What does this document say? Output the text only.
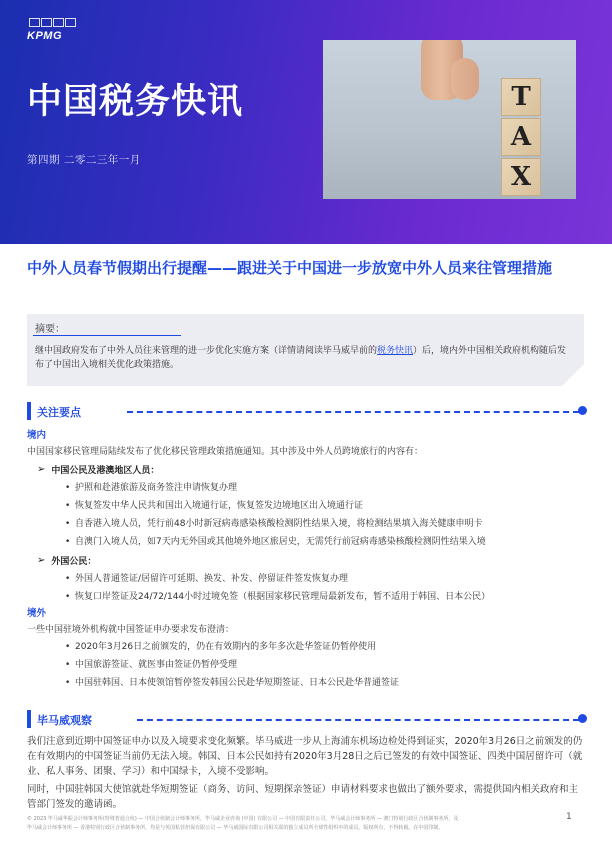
KPMG
中国税务快讯
第四期 二零二三年一月
T
A
X
中外人员春节假期出行提醒——跟进关于中国进一步放宽中外人员来往管理措施
摘要：
继中国政府发布了中外人员往来管理的进一步优化实施方案（详情请阅读毕马威早前的税务快讯）后，境内外中国相关政府机构随后发布了中国出入境相关优化政策措施。
关注要点
境内
中国国家移民管理局陆续发布了优化移民管理政策措施通知。其中涉及中外人员跨境旅行的内容有：
➢ 中国公民及港澳地区人员：
• 护照和赴港旅游及商务签注申请恢复办理
• 恢复签发中华人民共和国出入境通行证，恢复签发边境地区出入境通行证
• 自香港入境人员，凭行前48小时新冠病毒感染核酸检测阴性结果入境，将检测结果填入海关健康申明卡
• 自澳门入境人员，如7天内无外国或其他境外地区旅居史，无需凭行前冠病毒感染核酸检测阴性结果入境
➢ 外国公民：
• 外国人普通签证/居留许可延期、换发、补发、停留证件签发恢复办理
• 恢复口岸签证及24/72/144小时过境免签（根据国家移民管理局最新发布，暂不适用于韩国、日本公民）
境外
一些中国驻境外机构就中国签证申办要求发布澄清：
• 2020年3月26日之前颁发的，仍在有效期内的多年多次赴华签证仍暂停使用
• 中国旅游签证、就医事由签证仍暂停受理
• 中国驻韩国、日本使领馆暂停签发韩国公民赴华短期签证、日本公民赴华普通签证
毕马威观察

我们注意到近期中国签证申办以及入境要求变化频繁。毕马威进一步从上海浦东机场边检处得到证实，2020年3月26日之前颁发的仍在有效期内的中国签证当前仍无法入境。韩国、日本公民如持有2020年3月28日之后已签发的有效中国签证、四类中国居留许可（就业、私人事务、团聚、学习）和中国绿卡，入境不受影响。

同时，中国驻韩国大使馆就赴华短期签证（商务、访问、短期探亲签证）申请材料要求也做出了额外要求，需提供国内相关政府和主管部门签发的邀请函。

© 2023 毕马威华振会计师事务所(特殊普通合伙) — 中国合伙制会计师事务所，毕马威企业咨询 (中国) 有限公司 — 中国有限责任公司，毕马威会计师事务所 — 澳门特别行政区合伙制事务所，及
毕马威会计师事务所 — 香港特别行政区合伙制事务所，均是与英国私营担保有限公司 — 毕马威国际有限公司相关联的独立成员所全球性组织中的成员。版权所有，不得转载。在中国印制。
1
